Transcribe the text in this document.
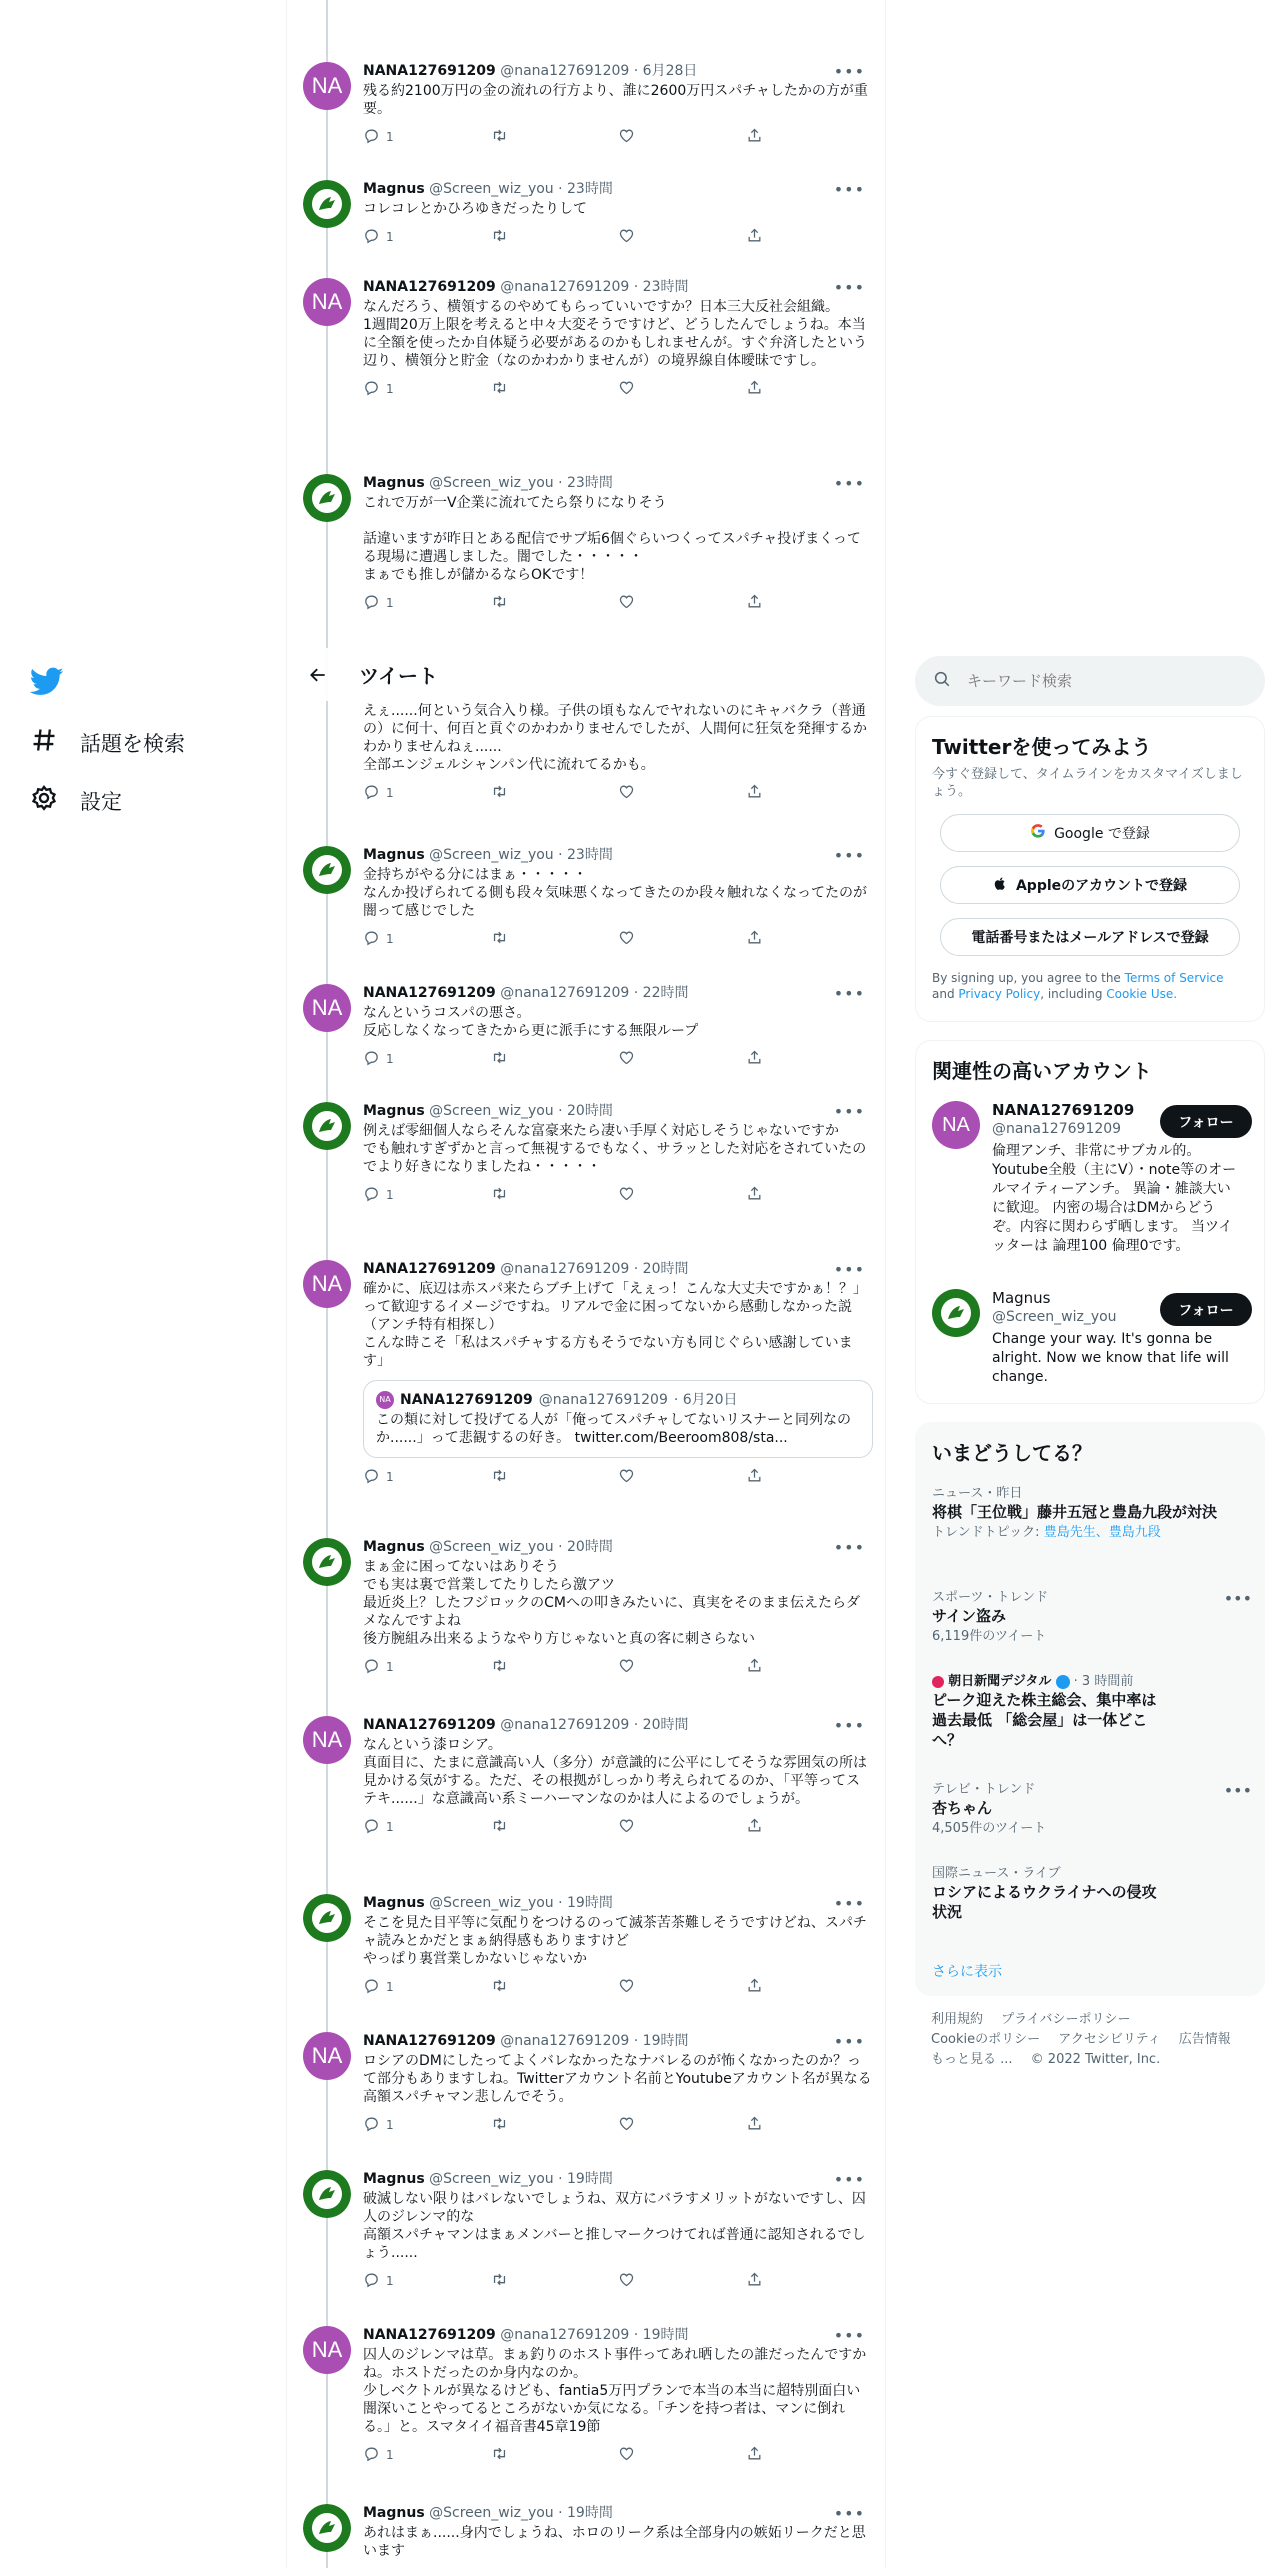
話題を検索
設定
NA
NANA127691209 @nana127691209 · 6月28日	•••
残る約2100万円の金の流れの行方より、誰に2600万円スパチャしたかの方が重要。
1
Magnus @Screen_wiz_you · 23時間	•••
コレコレとかひろゆきだったりして
1
NA
NANA127691209 @nana127691209 · 23時間	•••
なんだろう、横領するのやめてもらっていいですか？日本三大反社会組織。
1週間20万上限を考えると中々大変そうですけど、どうしたんでしょうね。本当に全額を使ったか自体疑う必要があるのかもしれませんが。すぐ弁済したという辺り、横領分と貯金（なのかわかりませんが）の境界線自体曖昧ですし。
1
Magnus @Screen_wiz_you · 23時間	•••
これで万が一V企業に流れてたら祭りになりそう

話違いますが昨日とある配信でサブ垢6個ぐらいつくってスパチャ投げまくってる現場に遭遇しました。闇でした・・・・・
まぁでも推しが儲かるならOKです！
1
えぇ......何という気合入り様。子供の頃もなんでヤれないのにキャバクラ（普通の）に何十、何百と貢ぐのかわかりませんでしたが、人間何に狂気を発揮するかわかりませんねぇ......
全部エンジェルシャンパン代に流れてるかも。
1
Magnus @Screen_wiz_you · 23時間	•••
金持ちがやる分にはまぁ・・・・・
なんか投げられてる側も段々気味悪くなってきたのか段々触れなくなってたのが闇って感じでした
1
NA
NANA127691209 @nana127691209 · 22時間	•••
なんというコスパの悪さ。
反応しなくなってきたから更に派手にする無限ループ
1
Magnus @Screen_wiz_you · 20時間	•••
例えば零細個人ならそんな富豪来たら凄い手厚く対応しそうじゃないですか
でも触れすぎずかと言って無視するでもなく、サラッとした対応をされていたのでより好きになりましたね・・・・・
1
NA
NANA127691209 @nana127691209 · 20時間	•••
確かに、底辺は赤スパ来たらブチ上げて「えぇっ！こんな大丈夫ですかぁ！？」って歓迎するイメージですね。リアルで金に困ってないから感動しなかった説（アンチ特有相探し）
こんな時こそ「私はスパチャする方もそうでない方も同じぐらい感謝しています」
NA NANA127691209 @nana127691209 · 6月20日
この類に対して投げてる人が「俺ってスパチャしてないリスナーと同列なのか......」って悲観するの好き。 twitter.com/Beeroom808/sta...
1
Magnus @Screen_wiz_you · 20時間	•••
まぁ金に困ってないはありそう
でも実は裏で営業してたりしたら激アツ
最近炎上？したフジロックのCMへの叩きみたいに、真実をそのまま伝えたらダメなんですよね
後方腕組み出来るようなやり方じゃないと真の客に刺さらない
1
NA
NANA127691209 @nana127691209 · 20時間	•••
なんという漆ロシア。
真面目に、たまに意識高い人（多分）が意識的に公平にしてそうな雰囲気の所は見かける気がする。ただ、その根拠がしっかり考えられてるのか、「平等ってステキ......」な意識高い系ミーハーマンなのかは人によるのでしょうが。
1
Magnus @Screen_wiz_you · 19時間	•••
そこを見た目平等に気配りをつけるのって滅茶苦茶難しそうですけどね、スパチャ読みとかだとまぁ納得感もありますけど
やっぱり裏営業しかないじゃないか
1
NA
NANA127691209 @nana127691209 · 19時間	•••
ロシアのDMにしたってよくバレなかったなナバレるのが怖くなかったのか？って部分もありますしね。Twitterアカウント名前とYoutubeアカウント名が異なる高額スパチャマン悲しんでそう。
1
Magnus @Screen_wiz_you · 19時間	•••
破滅しない限りはバレないでしょうね、双方にバラすメリットがないですし、囚人のジレンマ的な
高額スパチャマンはまぁメンバーと推しマークつけてれば普通に認知されるでしょう......
1
NA
NANA127691209 @nana127691209 · 19時間	•••
囚人のジレンマは草。まぁ釣りのホスト事件ってあれ晒したの誰だったんですかね。ホストだったのか身内なのか。
少しベクトルが異なるけども、fantia5万円プランで本当の本当に超特別面白い闇深いことやってるところがないか気になる。「チンを持つ者は、マンに倒れる。」と。スマタイイ福音書45章19節
1
Magnus @Screen_wiz_you · 19時間	•••
あれはまぁ......身内でしょうね、ホロのリーク系は全部身内の嫉妬リークだと思います
ツイート
キーワード検索
Twitterを使ってみよう
今すぐ登録して、タイムラインをカスタマイズしましょう。
Google で登録
Appleのアカウントで登録
電話番号またはメールアドレスで登録
By signing up, you agree to the Terms of Service and Privacy Policy, including Cookie Use.
関連性の高いアカウント
NA
NANA127691209
@nana127691209
倫理アンチ、非常にサブカル的。Youtube全般（主にV）・note等のオールマイティーアンチ。 異論・雑談大いに歓迎。 内密の場合はDMからどうぞ。内容に関わらず晒します。 当ツイッターは 論理100 倫理0です。
フォロー
Magnus
@Screen_wiz_you
Change your way. It's gonna be alright. Now we know that life will change.
フォロー
いまどうしてる？
ニュース・昨日
将棋「王位戦」藤井五冠と豊島九段が対決
トレンドトピック: 豊島先生、豊島九段
スポーツ・トレンド
サイン盗み
6,119件のツイート
•••
朝日新聞デジタル · 3 時間前
ピーク迎えた株主総会、集中率は過去最低 「総会屋」は一体どこへ？
テレビ・トレンド
杏ちゃん
4,505件のツイート
•••
国際ニュース・ライブ
ロシアによるウクライナへの侵攻状況
さらに表示
利用規約 プライバシーポリシー
Cookieのポリシー アクセシビリティ 広告情報
もっと見る ... © 2022 Twitter, Inc.
